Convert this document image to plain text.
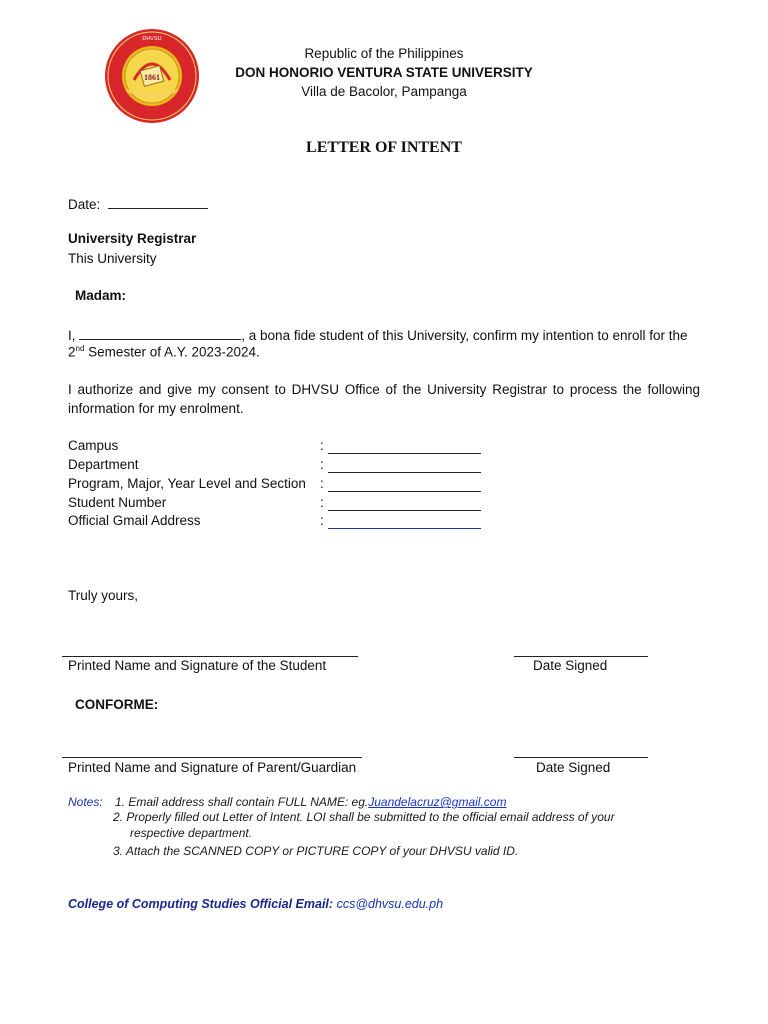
1861
DHVSU
Republic of the Philippines
DON HONORIO VENTURA STATE UNIVERSITY
Villa de Bacolor, Pampanga
LETTER OF INTENT
Date:
University Registrar
This University
Madam:
I,	, a bona fide student of this University, confirm my intention to enroll for the
2nd Semester of A.Y. 2023-2024.
I authorize and give my consent to DHVSU Office of the University Registrar to process the following
information for my enrolment.
Campus	:
Department	:
Program, Major, Year Level and Section :
Student Number	:
Official Gmail Address	:
Truly yours,
Printed Name and Signature of the Student	Date Signed
CONFORME:
Printed Name and Signature of Parent/Guardian	Date Signed
Notes: 1. Email address shall contain FULL NAME: eg.Juandelacruz@gmail.com
2. Properly filled out Letter of Intent. LOI shall be submitted to the official email address of your
respective department.
3. Attach the SCANNED COPY or PICTURE COPY of your DHVSU valid ID.
College of Computing Studies Official Email: ccs@dhvsu.edu.ph
